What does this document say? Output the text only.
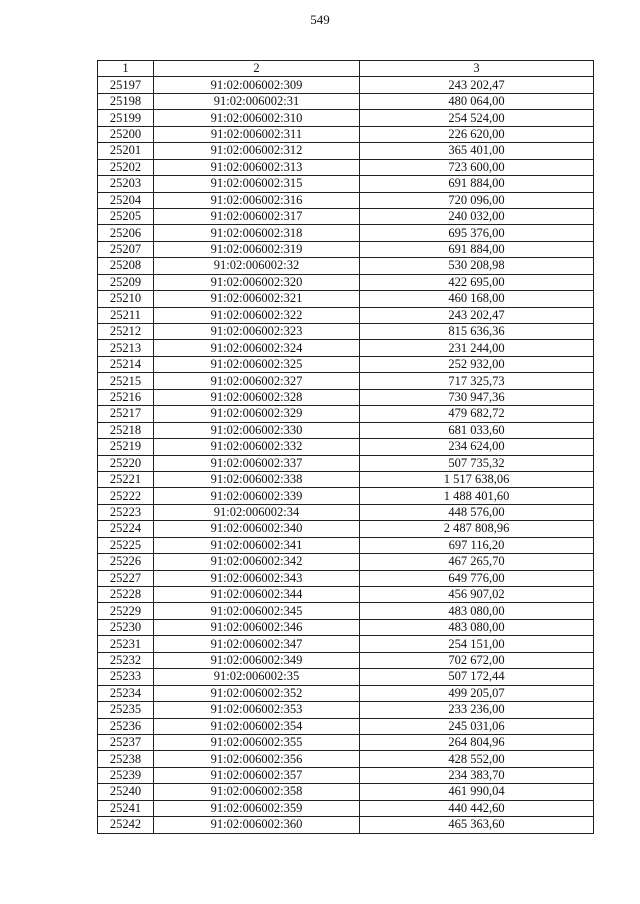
549
1	2	3
25197	91:02:006002:309	243 202,47
25198	91:02:006002:31	480 064,00
25199	91:02:006002:310	254 524,00
25200	91:02:006002:311	226 620,00
25201	91:02:006002:312	365 401,00
25202	91:02:006002:313	723 600,00
25203	91:02:006002:315	691 884,00
25204	91:02:006002:316	720 096,00
25205	91:02:006002:317	240 032,00
25206	91:02:006002:318	695 376,00
25207	91:02:006002:319	691 884,00
25208	91:02:006002:32	530 208,98
25209	91:02:006002:320	422 695,00
25210	91:02:006002:321	460 168,00
25211	91:02:006002:322	243 202,47
25212	91:02:006002:323	815 636,36
25213	91:02:006002:324	231 244,00
25214	91:02:006002:325	252 932,00
25215	91:02:006002:327	717 325,73
25216	91:02:006002:328	730 947,36
25217	91:02:006002:329	479 682,72
25218	91:02:006002:330	681 033,60
25219	91:02:006002:332	234 624,00
25220	91:02:006002:337	507 735,32
25221	91:02:006002:338	1 517 638,06
25222	91:02:006002:339	1 488 401,60
25223	91:02:006002:34	448 576,00
25224	91:02:006002:340	2 487 808,96
25225	91:02:006002:341	697 116,20
25226	91:02:006002:342	467 265,70
25227	91:02:006002:343	649 776,00
25228	91:02:006002:344	456 907,02
25229	91:02:006002:345	483 080,00
25230	91:02:006002:346	483 080,00
25231	91:02:006002:347	254 151,00
25232	91:02:006002:349	702 672,00
25233	91:02:006002:35	507 172,44
25234	91:02:006002:352	499 205,07
25235	91:02:006002:353	233 236,00
25236	91:02:006002:354	245 031,06
25237	91:02:006002:355	264 804,96
25238	91:02:006002:356	428 552,00
25239	91:02:006002:357	234 383,70
25240	91:02:006002:358	461 990,04
25241	91:02:006002:359	440 442,60
25242	91:02:006002:360	465 363,60
